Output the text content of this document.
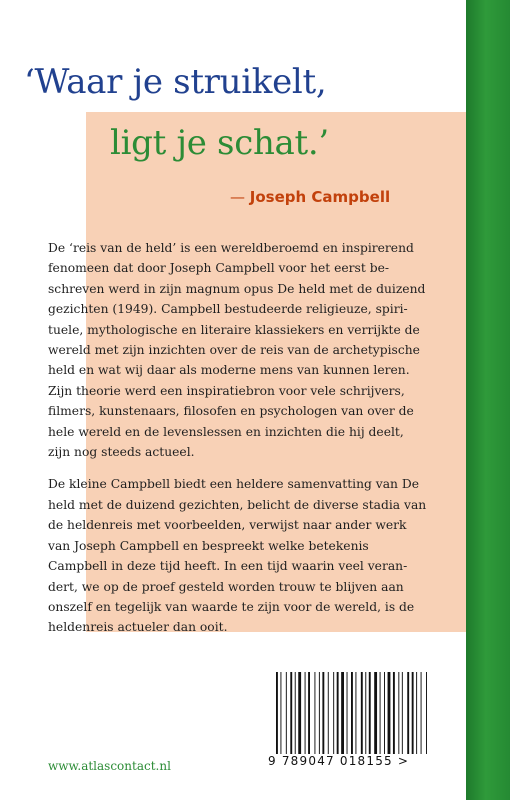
‘Waar je struikelt,

ligt je schat.’

— Joseph Campbell

De ‘reis van de held’ is een wereldberoemd en inspirerend
fenomeen dat door Joseph Campbell voor het eerst be-
schreven werd in zijn magnum opus De held met de duizend
gezichten (1949). Campbell bestudeerde religieuze, spiri-
tuele, mythologische en literaire klassiekers en verrijkte de
wereld met zijn inzichten over de reis van de archetypische
held en wat wij daar als moderne mens van kunnen leren.
Zijn theorie werd een inspiratiebron voor vele schrijvers,
filmers, kunstenaars, filosofen en psychologen van over de
hele wereld en de levenslessen en inzichten die hij deelt,
zijn nog steeds actueel.

De kleine Campbell biedt een heldere samenvatting van De
held met de duizend gezichten, belicht de diverse stadia van
de heldenreis met voorbeelden, verwijst naar ander werk
van Joseph Campbell en bespreekt welke betekenis
Campbell in deze tijd heeft. In een tijd waarin veel veran-
dert, we op de proef gesteld worden trouw te blijven aan
onszelf en tegelijk van waarde te zijn voor de wereld, is de
heldenreis actueler dan ooit.

9 789047 018155 >
www.atlascontact.nl
